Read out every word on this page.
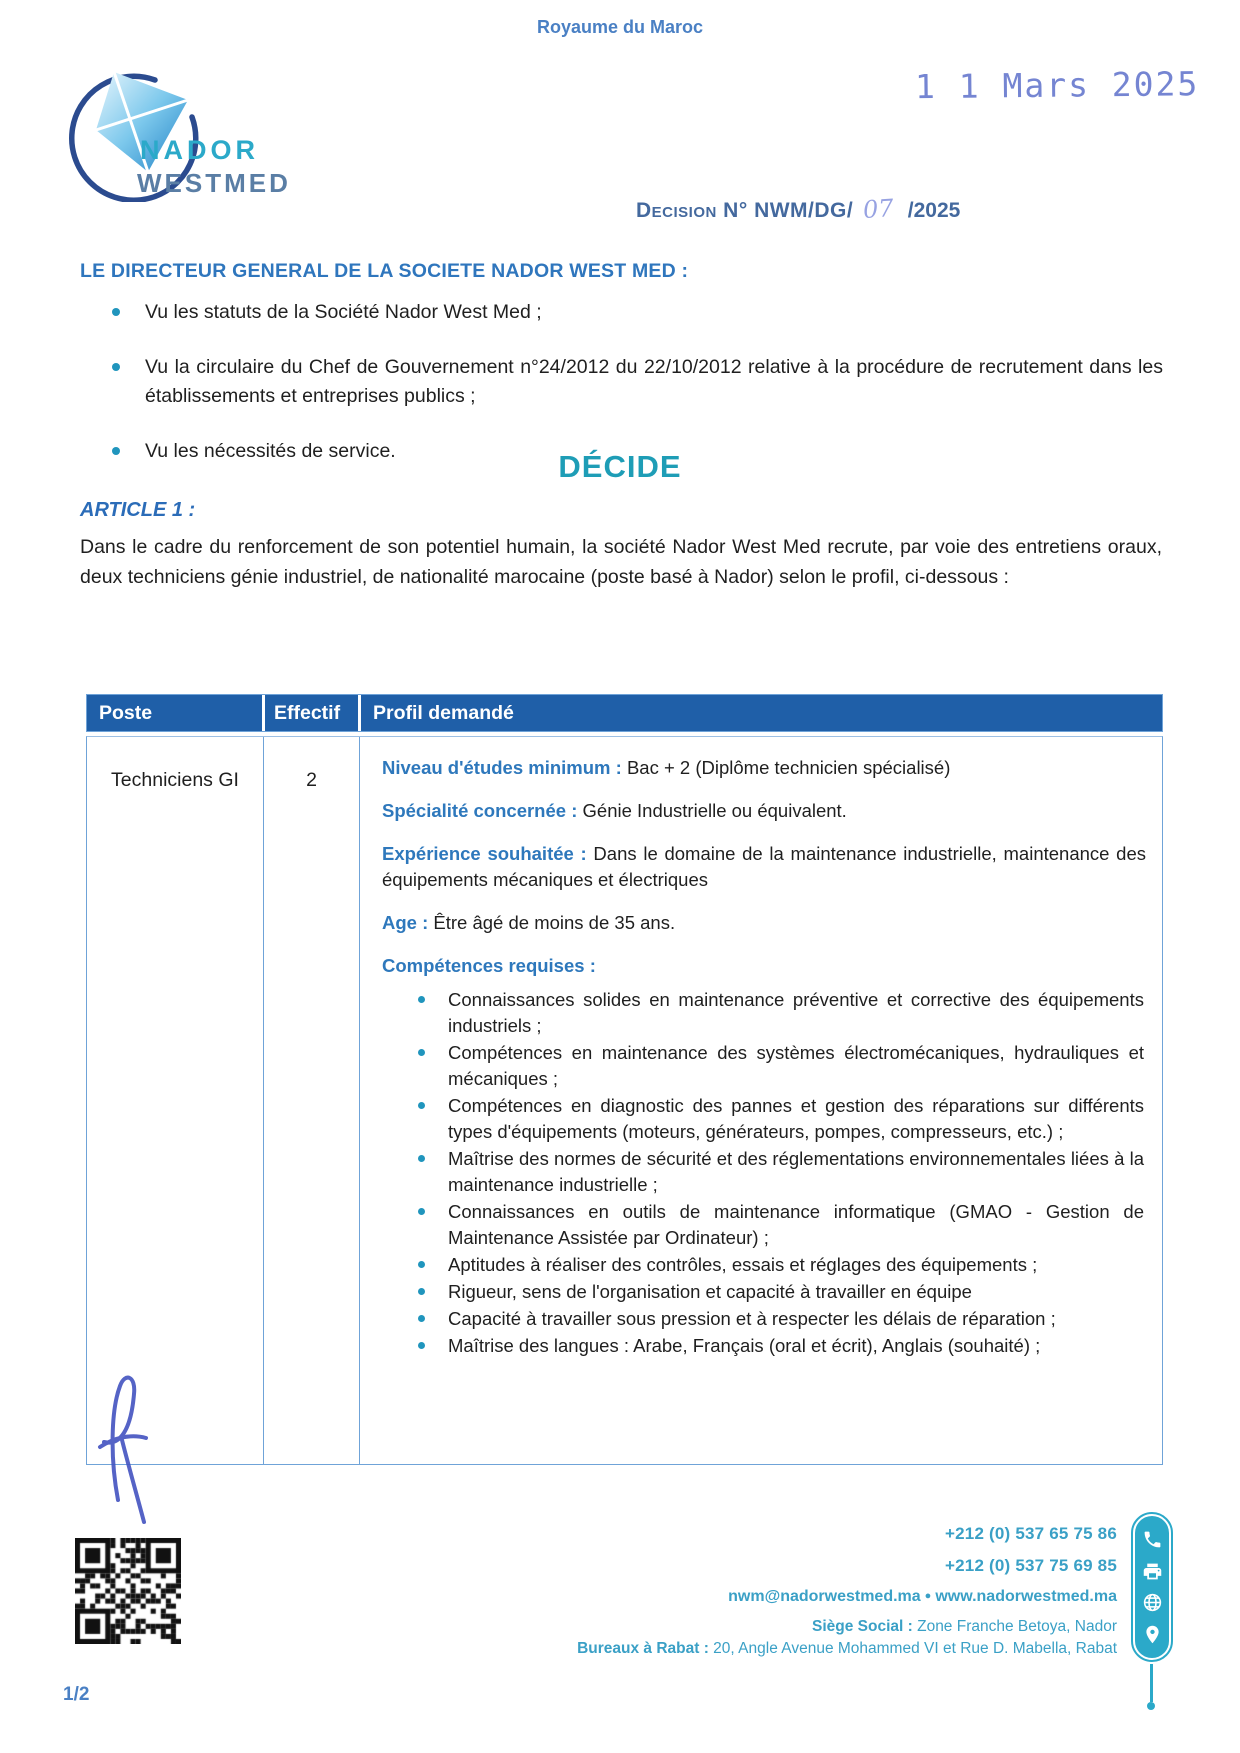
Royaume du Maroc
1 1 Mars 2025
NADOR
WESTMED
Decision N° NWM/DG/ 07 /2025
LE DIRECTEUR GENERAL DE LA SOCIETE NADOR WEST MED :
Vu les statuts de la Société Nador West Med ;
Vu la circulaire du Chef de Gouvernement n°24/2012 du 22/10/2012 relative à la procédure de recrutement dans les établissements et entreprises publics ;
Vu les nécessités de service.	DÉCIDE
ARTICLE 1 :
Dans le cadre du renforcement de son potentiel humain, la société Nador West Med recrute, par voie des entretiens oraux, deux techniciens génie industriel, de nationalité marocaine (poste basé à Nador) selon le profil, ci-dessous :
Poste	Effectif	Profil demandé
Techniciens GI	2
Niveau d'études minimum : Bac + 2 (Diplôme technicien spécialisé)
Spécialité concernée : Génie Industrielle ou équivalent.
Expérience souhaitée : Dans le domaine de la maintenance industrielle, maintenance des équipements mécaniques et électriques
Age : Être âgé de moins de 35 ans.
Compétences requises :
Connaissances solides en maintenance préventive et corrective des équipements industriels ;
Compétences en maintenance des systèmes électromécaniques, hydrauliques et mécaniques ;
Compétences en diagnostic des pannes et gestion des réparations sur différents types d'équipements (moteurs, générateurs, pompes, compresseurs, etc.) ;
Maîtrise des normes de sécurité et des réglementations environnementales liées à la maintenance industrielle ;
Connaissances en outils de maintenance informatique (GMAO - Gestion de Maintenance Assistée par Ordinateur) ;
Aptitudes à réaliser des contrôles, essais et réglages des équipements ;
Rigueur, sens de l'organisation et capacité à travailler en équipe
Capacité à travailler sous pression et à respecter les délais de réparation ;
Maîtrise des langues : Arabe, Français (oral et écrit), Anglais (souhaité) ;
1/2
+212 (0) 537 65 75 86
+212 (0) 537 75 69 85
nwm@nadorwestmed.ma ● www.nadorwestmed.ma
Siège Social : Zone Franche Betoya, Nador
Bureaux à Rabat : 20, Angle Avenue Mohammed VI et Rue D. Mabella, Rabat
